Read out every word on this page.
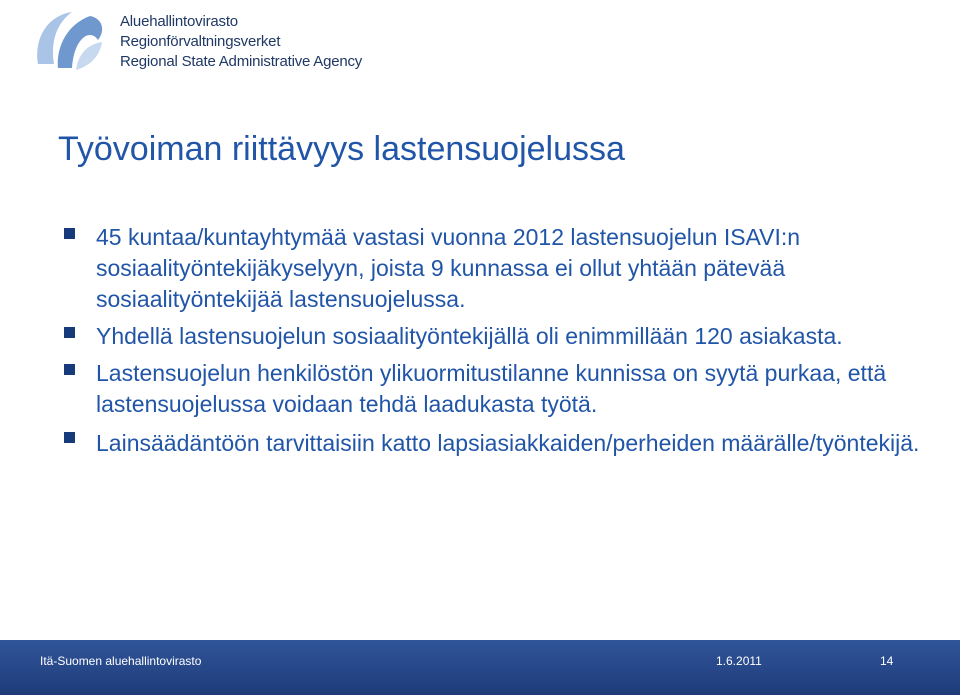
Aluehallintovirasto
Regionförvaltningsverket
Regional State Administrative Agency
Työvoiman riittävyys lastensuojelussa
45 kuntaa/kuntayhtymää vastasi vuonna 2012 lastensuojelun ISAVI:n sosiaalityöntekijäkyselyyn, joista 9 kunnassa ei ollut yhtään pätevää sosiaalityöntekijää lastensuojelussa.
Yhdellä lastensuojelun sosiaalityöntekijällä oli enimmillään 120 asiakasta.
Lastensuojelun henkilöstön ylikuormitustilanne kunnissa on syytä purkaa, että lastensuojelussa voidaan tehdä laadukasta työtä.
Lainsäädäntöön tarvittaisiin katto lapsiasiakkaiden/perheiden määrälle/työntekijä.
Itä-Suomen aluehallintovirasto	1.6.2011	14
